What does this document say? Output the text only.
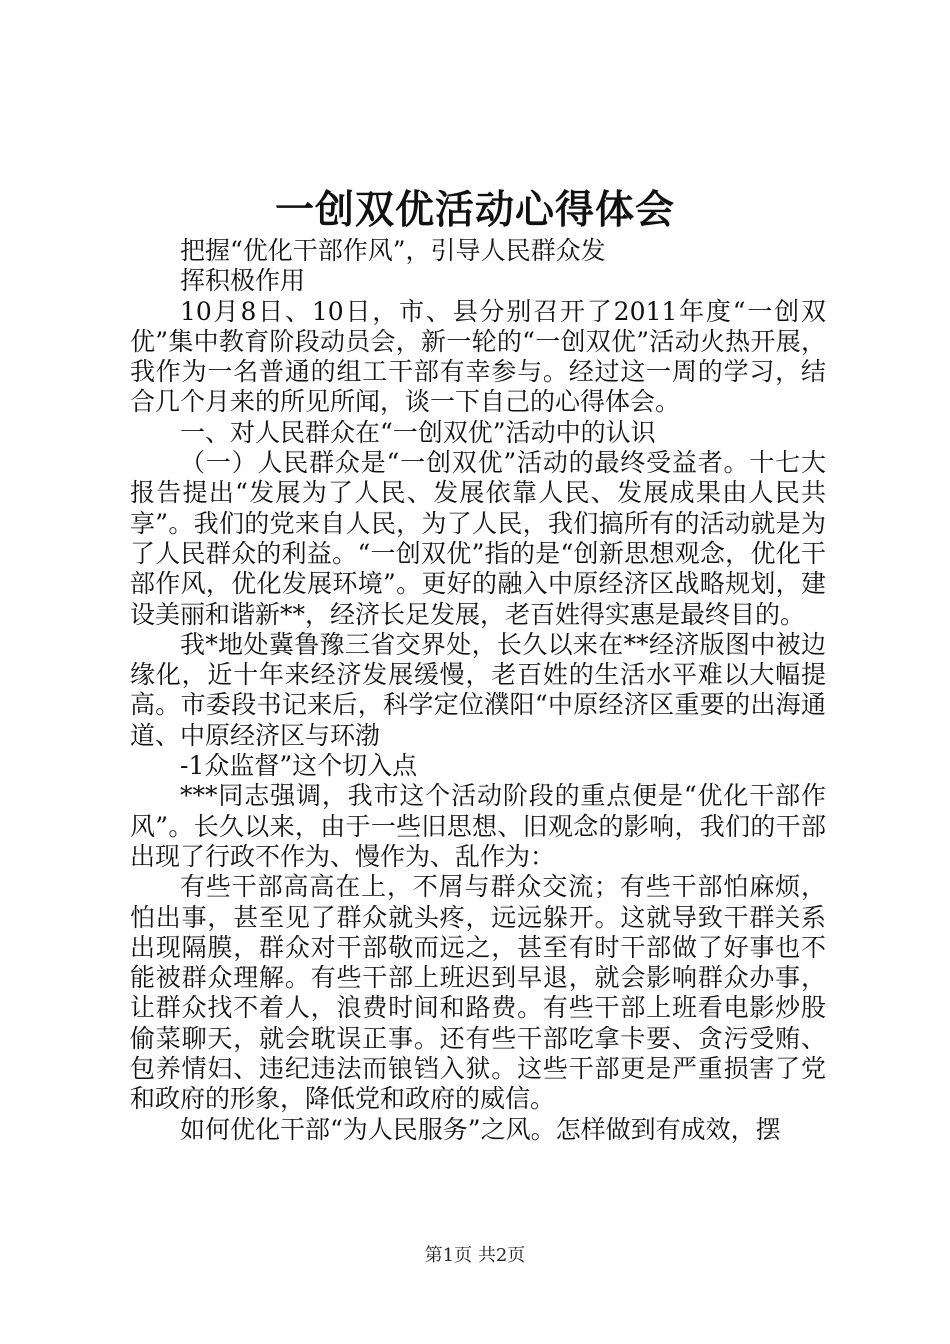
一创双优活动心得体会

把握“优化干部作风”，引导人民群众发

挥积极作用

10月8日、10日，市、县分别召开了2011年度“一创双优”集中教育阶段动员会，新一轮的“一创双优”活动火热开展，我作为一名普通的组工干部有幸参与。经过这一周的学习，结合几个月来的所见所闻，谈一下自己的心得体会。

一、对人民群众在“一创双优”活动中的认识

（一）人民群众是“一创双优”活动的最终受益者。十七大报告提出“发展为了人民、发展依靠人民、发展成果由人民共享”。我们的党来自人民，为了人民，我们搞所有的活动就是为了人民群众的利益。“一创双优”指的是“创新思想观念，优化干部作风，优化发展环境”。更好的融入中原经济区战略规划，建设美丽和谐新**，经济长足发展，老百姓得实惠是最终目的。

我*地处冀鲁豫三省交界处，长久以来在**经济版图中被边缘化，近十年来经济发展缓慢，老百姓的生活水平难以大幅提高。市委段书记来后，科学定位濮阳“中原经济区重要的出海通道、中原经济区与环渤

-1众监督”这个切入点

***同志强调，我市这个活动阶段的重点便是“优化干部作风”。长久以来，由于一些旧思想、旧观念的影响，我们的干部出现了行政不作为、慢作为、乱作为：

有些干部高高在上，不屑与群众交流；有些干部怕麻烦，怕出事，甚至见了群众就头疼，远远躲开。这就导致干群关系出现隔膜，群众对干部敬而远之，甚至有时干部做了好事也不能被群众理解。有些干部上班迟到早退，就会影响群众办事，让群众找不着人，浪费时间和路费。有些干部上班看电影炒股偷菜聊天，就会耽误正事。还有些干部吃拿卡要、贪污受贿、包养情妇、违纪违法而锒铛入狱。这些干部更是严重损害了党和政府的形象，降低党和政府的威信。

如何优化干部“为人民服务”之风。怎样做到有成效，摆

第1页 共2页
